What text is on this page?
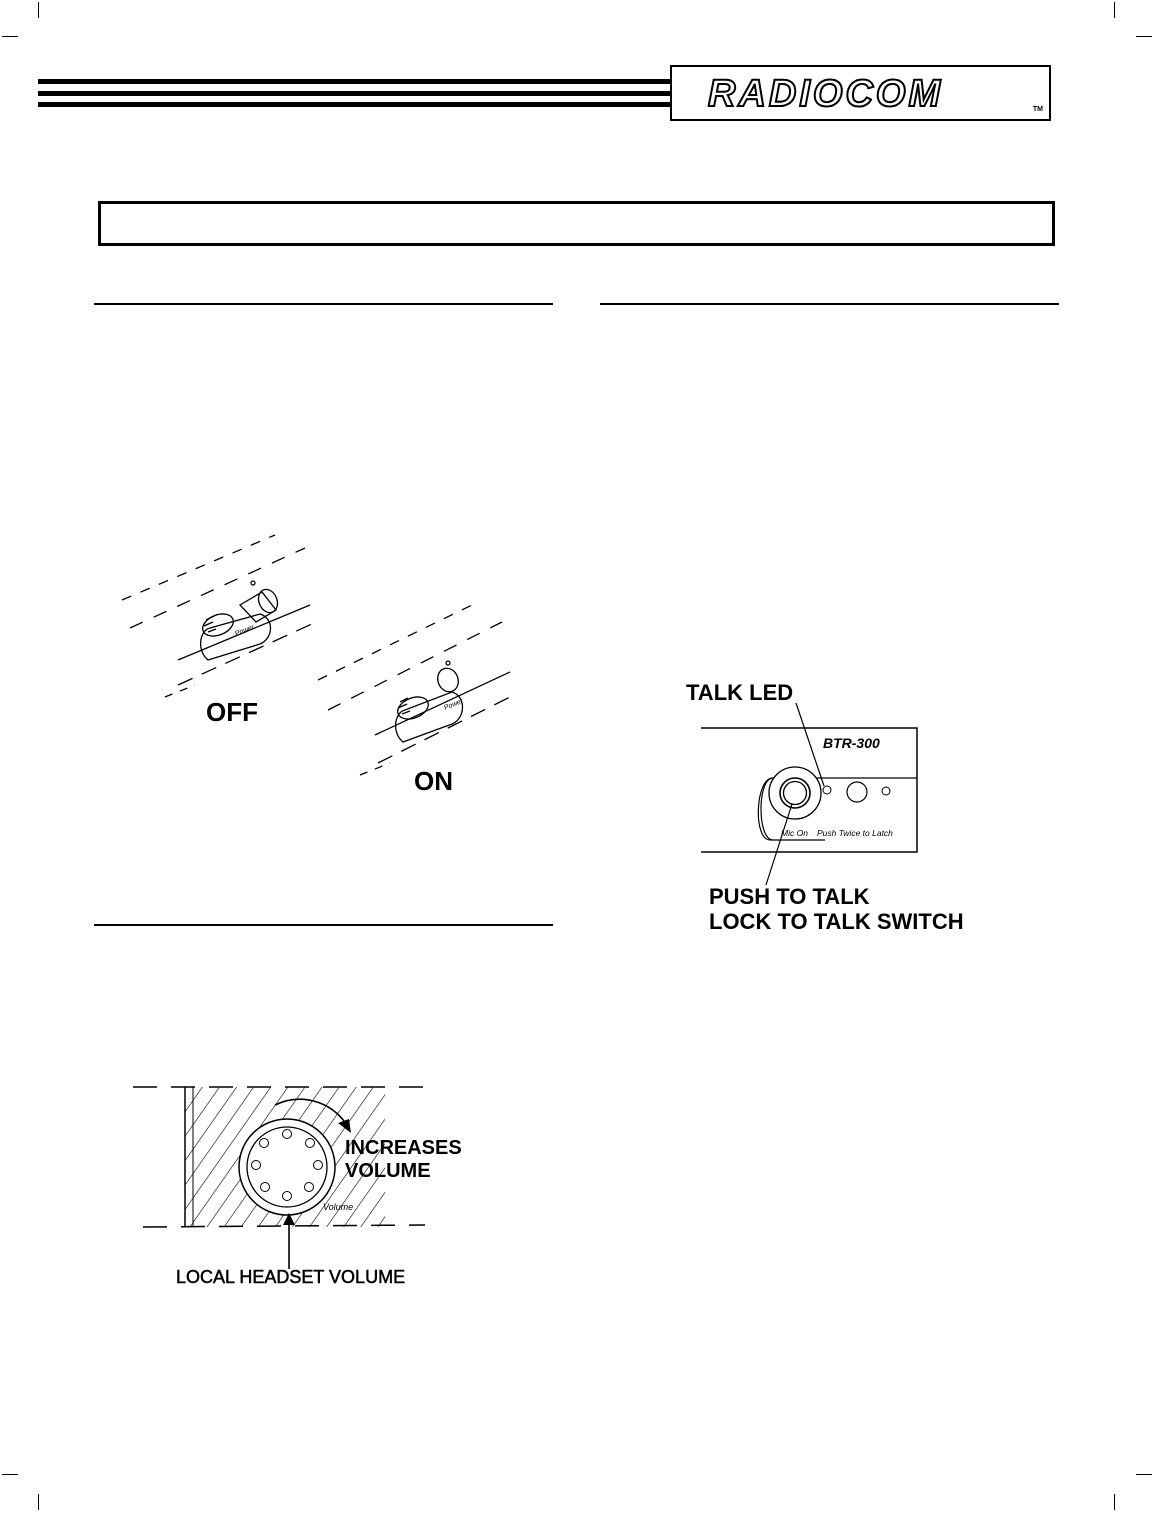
RADIOCOM	TM
Power
OFF	Power
ON
Volume
INCREASES
VOLUME
LOCAL HEADSET VOLUME
TALK LED
BTR-300
Mic On Push Twice to Latch
PUSH TO TALK
LOCK TO TALK SWITCH
